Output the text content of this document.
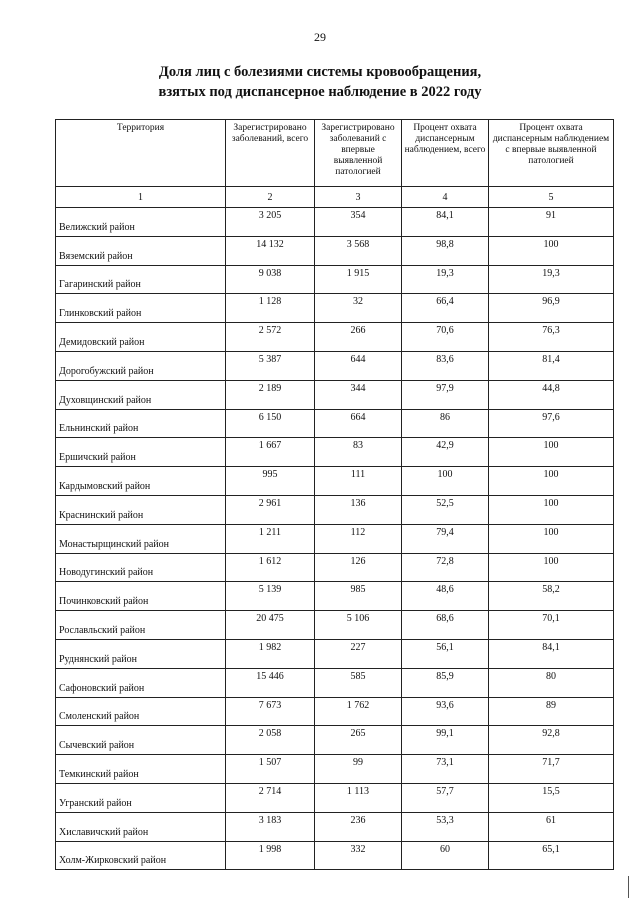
29
Доля лиц с болезиями системы кровообращения,
взятых под диспансерное наблюдение в 2022 году
Территория	Зарегистрировано заболеваний, всего	Зарегистрировано заболеваний с впервые выявленной патологией	Процент охвата диспансерным наблюдением, всего	Процент охвата диспансерным наблюдением с впервые выявленной патологией
1	2	3	4	5
Велижский район	3 205	354	84,1	91
Вяземский район	14 132	3 568	98,8	100
Гагаринский район	9 038	1 915	19,3	19,3
Глинковский район	1 128	32	66,4	96,9
Демидовский район	2 572	266	70,6	76,3
Дорогобужский район	5 387	644	83,6	81,4
Духовщинский район	2 189	344	97,9	44,8
Ельнинский район	6 150	664	86	97,6
Ершичский район	1 667	83	42,9	100
Кардымовский район	995	111	100	100
Краснинский район	2 961	136	52,5	100
Монастырщинский район	1 211	112	79,4	100
Новодугинский район	1 612	126	72,8	100
Починковский район	5 139	985	48,6	58,2
Рославльский район	20 475	5 106	68,6	70,1
Руднянский район	1 982	227	56,1	84,1
Сафоновский район	15 446	585	85,9	80
Смоленский район	7 673	1 762	93,6	89
Сычевский район	2 058	265	99,1	92,8
Темкинский район	1 507	99	73,1	71,7
Угранский район	2 714	1 113	57,7	15,5
Хиславичский район	3 183	236	53,3	61
Холм-Жирковский район	1 998	332	60	65,1
